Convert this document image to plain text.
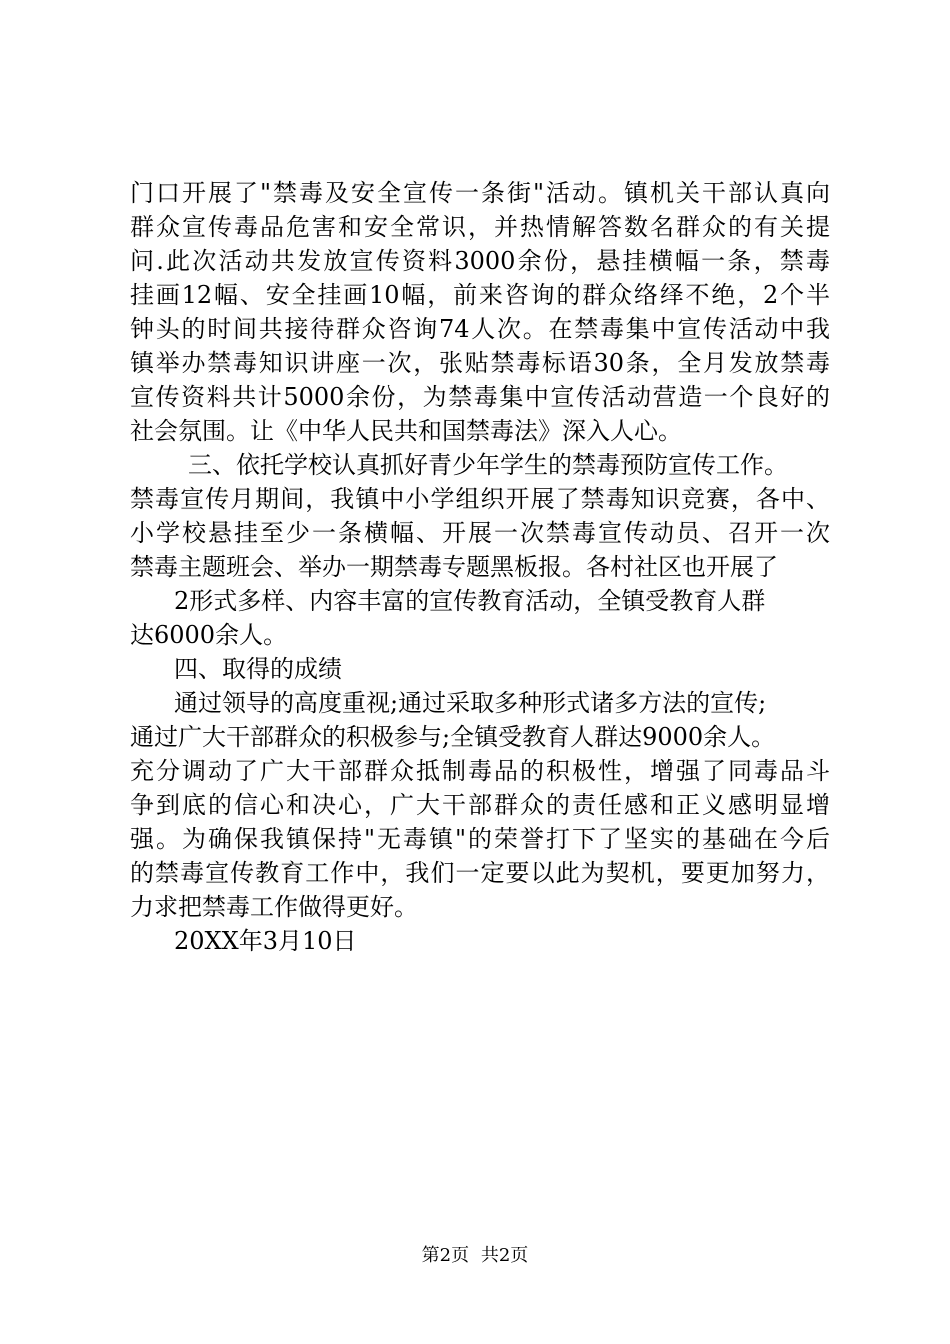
门口开展了"禁毒及安全宣传一条街"活动。镇机关干部认真向
群众宣传毒品危害和安全常识，并热情解答数名群众的有关提
问.此次活动共发放宣传资料3000余份，悬挂横幅一条，禁毒
挂画12幅、安全挂画10幅，前来咨询的群众络绎不绝，2个半
钟头的时间共接待群众咨询74人次。在禁毒集中宣传活动中我
镇举办禁毒知识讲座一次，张贴禁毒标语30条，全月发放禁毒
宣传资料共计5000余份，为禁毒集中宣传活动营造一个良好的
社会氛围。让《中华人民共和国禁毒法》深入人心。
三、依托学校认真抓好青少年学生的禁毒预防宣传工作。
禁毒宣传月期间，我镇中小学组织开展了禁毒知识竞赛，各中、
小学校悬挂至少一条横幅、开展一次禁毒宣传动员、召开一次
禁毒主题班会、举办一期禁毒专题黑板报。各村社区也开展了
2形式多样、内容丰富的宣传教育活动，全镇受教育人群
达6000余人。
四、取得的成绩
通过领导的高度重视;通过采取多种形式诸多方法的宣传;
通过广大干部群众的积极参与;全镇受教育人群达9000余人。
充分调动了广大干部群众抵制毒品的积极性，增强了同毒品斗
争到底的信心和决心，广大干部群众的责任感和正义感明显增
强。为确保我镇保持"无毒镇"的荣誉打下了坚实的基础在今后
的禁毒宣传教育工作中，我们一定要以此为契机，要更加努力，
力求把禁毒工作做得更好。
20XX年3月10日
第2页 共2页
